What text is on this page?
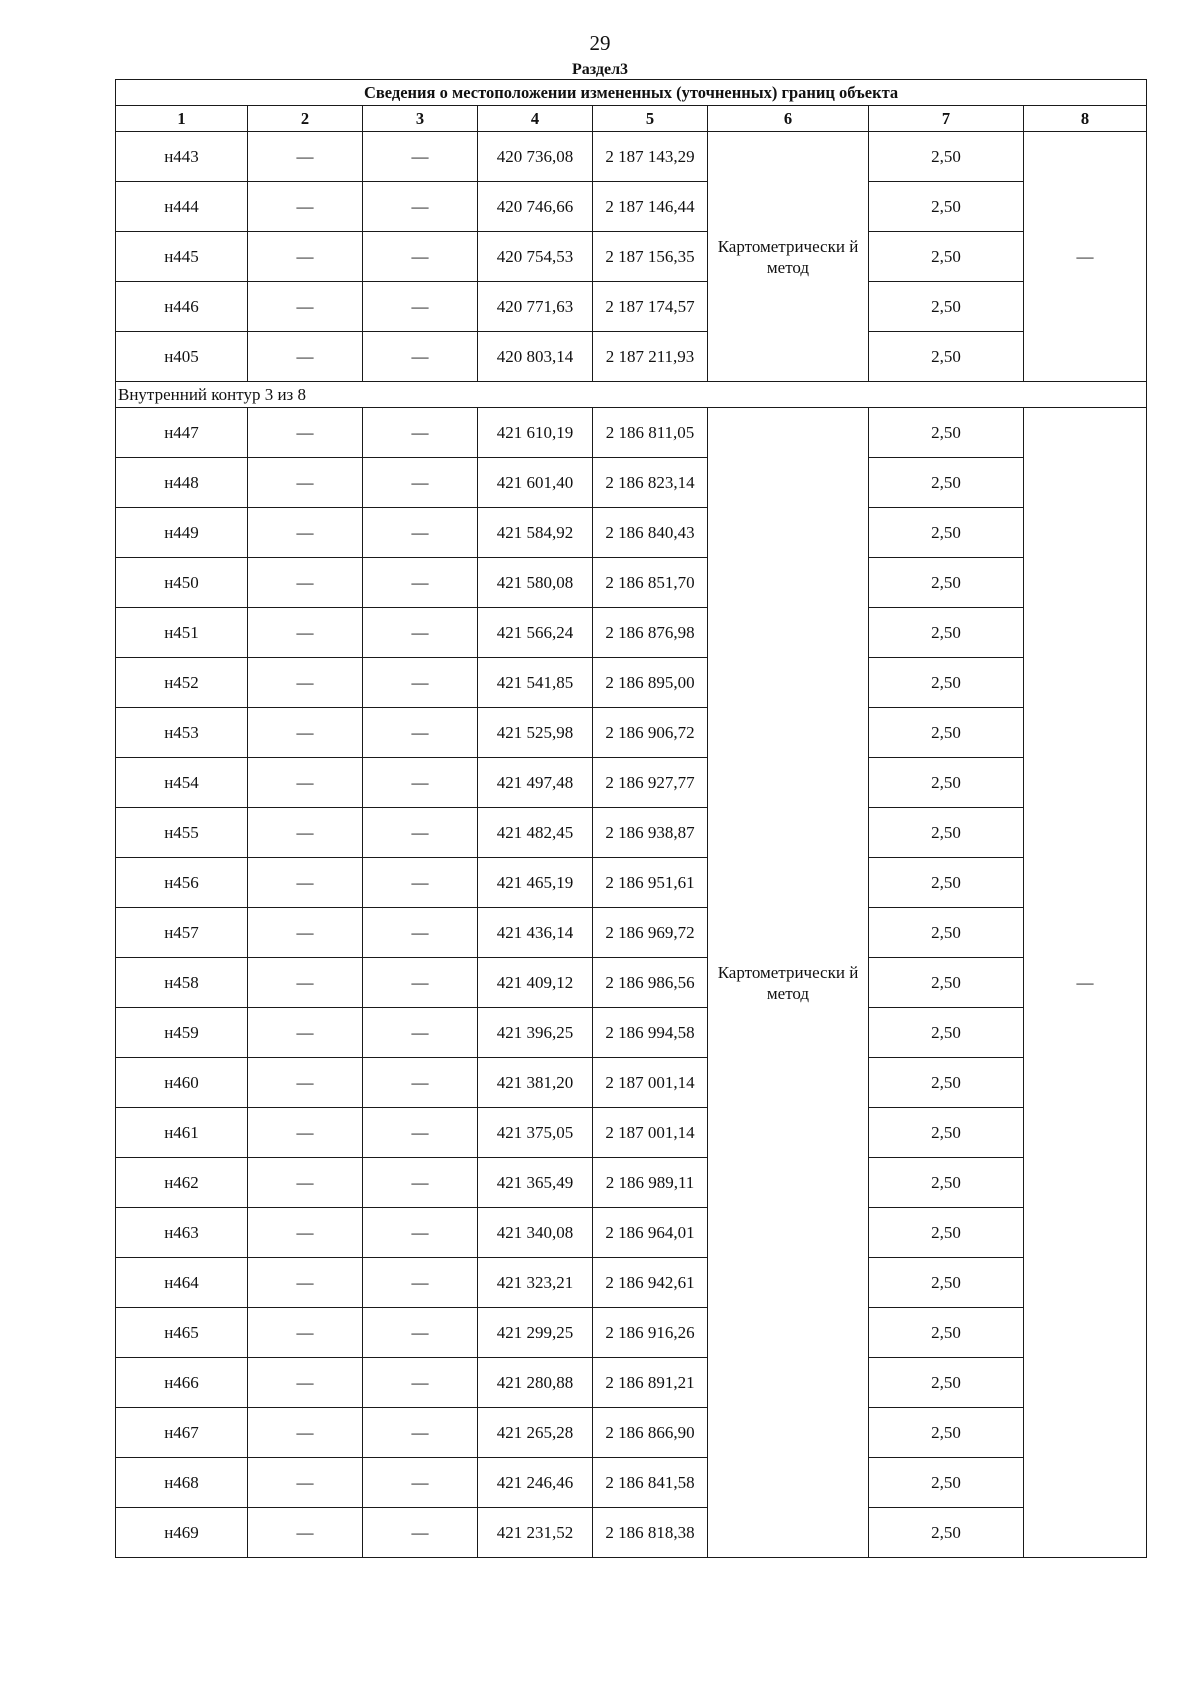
29
Раздел3
Сведения о местоположении измененных (уточненных) границ объекта							
1	2	3	4	5	6	7	8
н443	—	—	420 736,08	2 187 143,29	Картометрически й метод	2,50	—
н444	—	—	420 746,66	2 187 146,44		2,50	
н445	—	—	420 754,53	2 187 156,35		2,50	
н446	—	—	420 771,63	2 187 174,57		2,50	
н405	—	—	420 803,14	2 187 211,93		2,50	
Внутренний контур 3 из 8							
н447	—	—	421 610,19	2 186 811,05	Картометрически й метод	2,50	—
н448	—	—	421 601,40	2 186 823,14		2,50	
н449	—	—	421 584,92	2 186 840,43		2,50	
н450	—	—	421 580,08	2 186 851,70		2,50	
н451	—	—	421 566,24	2 186 876,98		2,50	
н452	—	—	421 541,85	2 186 895,00		2,50	
н453	—	—	421 525,98	2 186 906,72		2,50	
н454	—	—	421 497,48	2 186 927,77		2,50	
н455	—	—	421 482,45	2 186 938,87		2,50	
н456	—	—	421 465,19	2 186 951,61		2,50	
н457	—	—	421 436,14	2 186 969,72		2,50	
н458	—	—	421 409,12	2 186 986,56		2,50	
н459	—	—	421 396,25	2 186 994,58		2,50	
н460	—	—	421 381,20	2 187 001,14		2,50	
н461	—	—	421 375,05	2 187 001,14		2,50	
н462	—	—	421 365,49	2 186 989,11		2,50	
н463	—	—	421 340,08	2 186 964,01		2,50	
н464	—	—	421 323,21	2 186 942,61		2,50	
н465	—	—	421 299,25	2 186 916,26		2,50	
н466	—	—	421 280,88	2 186 891,21		2,50	
н467	—	—	421 265,28	2 186 866,90		2,50	
н468	—	—	421 246,46	2 186 841,58		2,50	
н469	—	—	421 231,52	2 186 818,38		2,50	
